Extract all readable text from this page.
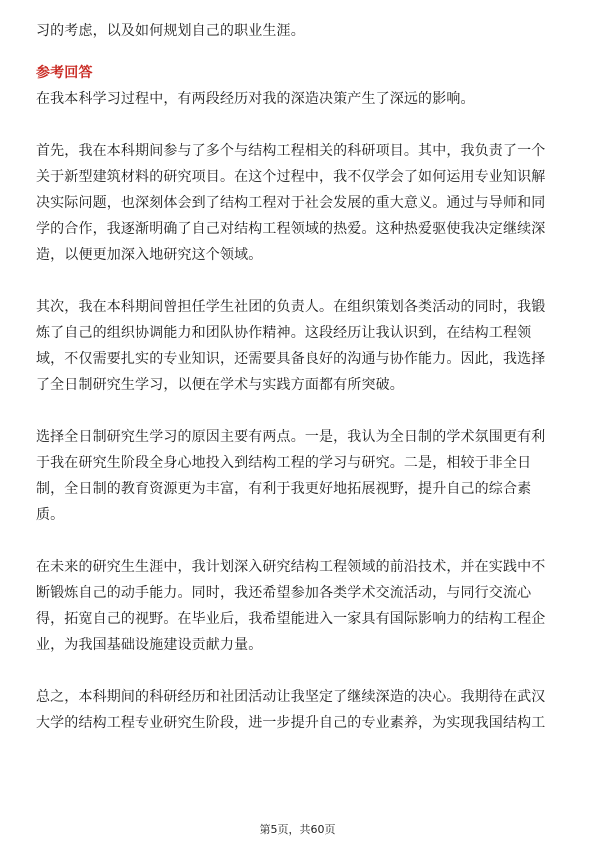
习的考虑，以及如何规划自己的职业生涯。
参考回答
在我本科学习过程中，有两段经历对我的深造决策产生了深远的影响。
首先，我在本科期间参与了多个与结构工程相关的科研项目。其中，我负责了一个
关于新型建筑材料的研究项目。在这个过程中，我不仅学会了如何运用专业知识解
决实际问题，也深刻体会到了结构工程对于社会发展的重大意义。通过与导师和同
学的合作，我逐渐明确了自己对结构工程领域的热爱。这种热爱驱使我决定继续深
造，以便更加深入地研究这个领域。
其次，我在本科期间曾担任学生社团的负责人。在组织策划各类活动的同时，我锻
炼了自己的组织协调能力和团队协作精神。这段经历让我认识到，在结构工程领
域，不仅需要扎实的专业知识，还需要具备良好的沟通与协作能力。因此，我选择
了全日制研究生学习，以便在学术与实践方面都有所突破。
选择全日制研究生学习的原因主要有两点。一是，我认为全日制的学术氛围更有利
于我在研究生阶段全身心地投入到结构工程的学习与研究。二是，相较于非全日
制，全日制的教育资源更为丰富，有利于我更好地拓展视野，提升自己的综合素
质。
在未来的研究生生涯中，我计划深入研究结构工程领域的前沿技术，并在实践中不
断锻炼自己的动手能力。同时，我还希望参加各类学术交流活动，与同行交流心
得，拓宽自己的视野。在毕业后，我希望能进入一家具有国际影响力的结构工程企
业，为我国基础设施建设贡献力量。
总之，本科期间的科研经历和社团活动让我坚定了继续深造的决心。我期待在武汉
大学的结构工程专业研究生阶段，进一步提升自己的专业素养，为实现我国结构工
第5页，共60页
